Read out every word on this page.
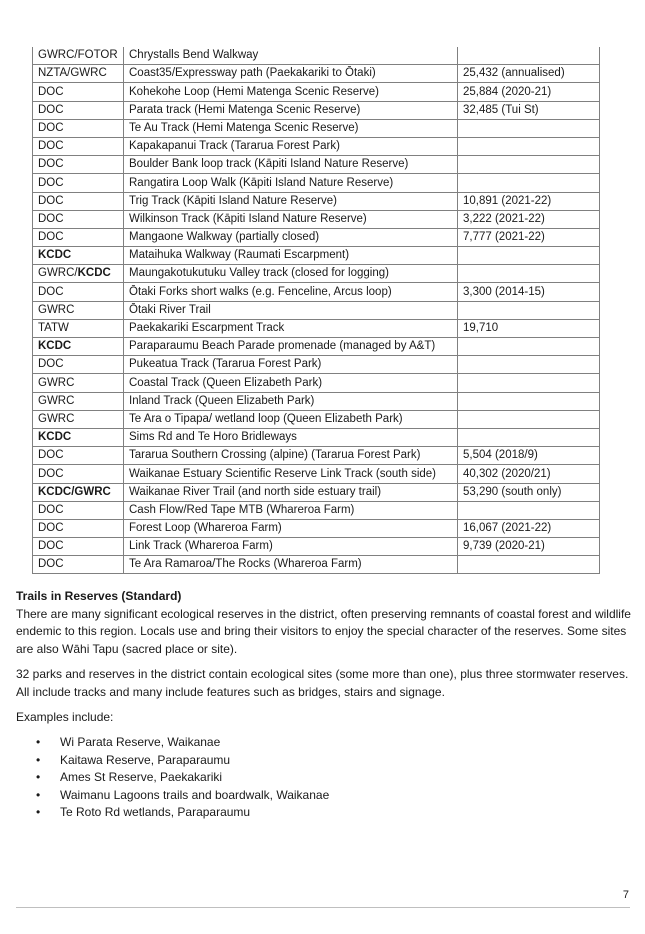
GWRC/FOTOR	Chrystalls Bend Walkway	
NZTA/GWRC	Coast35/Expressway path (Paekakariki to Ōtaki)	25,432 (annualised)
DOC	Kohekohe Loop (Hemi Matenga Scenic Reserve)	25,884 (2020-21)
DOC	Parata track (Hemi Matenga Scenic Reserve)	32,485 (Tui St)
DOC	Te Au Track (Hemi Matenga Scenic Reserve)	
DOC	Kapakapanui Track (Tararua Forest Park)	
DOC	Boulder Bank loop track (Kāpiti Island Nature Reserve)	
DOC	Rangatira Loop Walk (Kāpiti Island Nature Reserve)	
DOC	Trig Track (Kāpiti Island Nature Reserve)	10,891 (2021-22)
DOC	Wilkinson Track (Kāpiti Island Nature Reserve)	3,222 (2021-22)
DOC	Mangaone Walkway (partially closed)	7,777 (2021-22)
KCDC	Mataihuka Walkway (Raumati Escarpment)	
GWRC/KCDC	Maungakotukutuku Valley track (closed for logging)	
DOC	Ōtaki Forks short walks (e.g. Fenceline, Arcus loop)	3,300 (2014-15)
GWRC	Ōtaki River Trail	
TATW	Paekakariki Escarpment Track	19,710
KCDC	Paraparaumu Beach Parade promenade (managed by A&T)	
DOC	Pukeatua Track (Tararua Forest Park)	
GWRC	Coastal Track (Queen Elizabeth Park)	
GWRC	Inland Track (Queen Elizabeth Park)	
GWRC	Te Ara o Tipapa/ wetland loop (Queen Elizabeth Park)	
KCDC	Sims Rd and Te Horo Bridleways	
DOC	Tararua Southern Crossing (alpine) (Tararua Forest Park)	5,504 (2018/9)
DOC	Waikanae Estuary Scientific Reserve Link Track (south side)	40,302 (2020/21)
KCDC/GWRC	Waikanae River Trail (and north side estuary trail)	53,290 (south only)
DOC	Cash Flow/Red Tape MTB (Whareroa Farm)	
DOC	Forest Loop (Whareroa Farm)	16,067 (2021-22)
DOC	Link Track (Whareroa Farm)	9,739 (2020-21)
DOC	Te Ara Ramaroa/The Rocks (Whareroa Farm)	
Trails in Reserves (Standard)

There are many significant ecological reserves in the district, often preserving remnants of coastal forest and wildlife endemic to this region. Locals use and bring their visitors to enjoy the special character of the reserves. Some sites are also Wāhi Tapu (sacred place or site).

32 parks and reserves in the district contain ecological sites (some more than one), plus three stormwater reserves. All include tracks and many include features such as bridges, stairs and signage.

Examples include:

• Wi Parata Reserve, Waikanae
• Kaitawa Reserve, Paraparaumu
• Ames St Reserve, Paekakariki
• Waimanu Lagoons trails and boardwalk, Waikanae
• Te Roto Rd wetlands, Paraparaumu
7
